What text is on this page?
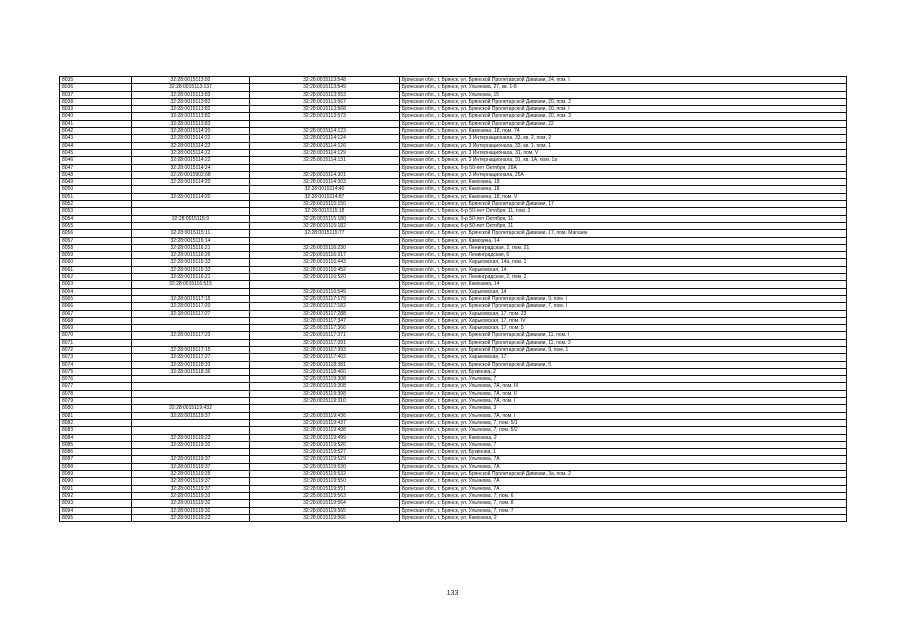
8035	32:28:0015113:92	32:28:0015113:548	Брянская обл., г. Брянск, ул. Брянской Пролетарской Дивизии, 24, пом. I
8036	32:28:0015113:137	32:28:0015113:549	Брянская обл., г. Брянск, ул. Ульянова, 27, кв. 1-8
8037	32:28:0015113:83	32:28:0015113:553	Брянская обл., г. Брянск, ул. Ульянова, 15
8038	32:28:0015113:82	32:28:0015113:567	Брянская обл., г. Брянск, ул. Брянской Пролетарской Дивизии, 20, пом. 2
8039	32:28:0015113:82	32:28:0015113:568	Брянская обл., г. Брянск, ул. Брянской Пролетарской Дивизии, 20, пом. I
8040	32:28:0015113:82	32:28:0015113:573	Брянская обл., г. Брянск, ул. Брянской Пролетарской Дивизии, 20, пом. 3
8041	32:28:0015113:83		Брянская обл., г. Брянск, ул. Брянской Пролетарской Дивизии, 22
8042	32:28:0015114:20	32:28:0015114:123	Брянская обл., г. Брянск, ул. Камозина, 18, пом. 74
8043	32:28:0015114:22	32:28:0015114:124	Брянская обл., г. Брянск, ул. 3 Интернационала, 33, кв. 2, пом. 2
8044	32:28:0015114:22	32:28:0015114:126	Брянская обл., г. Брянск, ул. 3 Интернационала, 33, кв. 1, пом. 1
8045	32:28:0015114:22	32:28:0015114:129	Брянская обл., г. Брянск, ул. 3 Интернационала, 31, пом. V
8046	32:28:0015114:22	32:28:0015114:131	Брянская обл., г. Брянск, ул. 3 Интернационала, 31, кв. 1А, пом. 1а
8047	32:28:0015114:24		Брянская обл., г. Брянск, б-р 50-лет Октября, 28А
8048	32:28:0015902:68	32:28:0015114:301	Брянская обл., г. Брянск, ул. 3 Интернационала, 25А
8049	32:28:0015114:20	32:28:0015114:303	Брянская обл., г. Брянск, ул. Камозина, 18
8050		32:28:0015114:40	Брянская обл., г. Брянск, ул. Камозина, 18
8051	32:28:0015114:20	32:28:0015114:87	Брянская обл., г. Брянск, ул. Камозина, 18, пом. V
8052		32:28:0015115:150	Брянская обл., г. Брянск, ул. Брянской Пролетарской Дивизии, 17
8053		32:28:0015115:18	Брянская обл., г. Брянск, б-р 50-лет Октября, 11, пом. 2
8054	32:28:0015115:9	32:28:0015115:180	Брянская обл., г. Брянск, б-р 50-лет Октября, 11
8055		32:28:0015115:182	Брянская обл., г. Брянск, б-р 50-лет Октября, 11
8056	32:28:0015115:11	32:28:0015115:77	Брянская обл., г. Брянск, ул. Брянской Пролетарской Дивизии, 17, пом. Магазин
8057	32:28:0015116:14		Брянская обл., г. Брянск, ул. Камозина, 14
8058	32:28:0015116:21	32:28:0015116:230	Брянская обл., г. Брянск, ул. Ленинградская, 2, пом. 21
8059	32:28:0015116:26	32:28:0015116:317	Брянская обл., г. Брянск, ул. Ленинградская, 6
8060	32:28:0015116:33	32:28:0015116:443	Брянская обл., г. Брянск, ул. Харьковская, 14а, пом. 1
8061	32:28:0015116:33	32:28:0015116:452	Брянская обл., г. Брянск, ул. Харьковская, 14
8062	32:28:0015116:21	32:28:0015116:520	Брянская обл., г. Брянск, ул. Ленинградская, 2, пом. 2
8063	32:28:0015116:515		Брянская обл., г. Брянск, ул. Камозина, 14
8064		32:28:0015116:549	Брянская обл., г. Брянск, ул. Харьковская, 14
8065	32:28:0015117:15	32:28:0015117:179	Брянская обл., г. Брянск, ул. Брянской Пролетарской Дивизии, 9, пом. I
8066	32:28:0015117:20	32:28:0015117:182	Брянская обл., г. Брянск, ул. Брянской Пролетарской Дивизии, 7, пом. I
8067	32:28:0015117:27	32:28:0015117:288	Брянская обл., г. Брянск, ул. Харьковская, 17, пом. 23
8068		32:28:0015117:347	Брянская обл., г. Брянск, ул. Харьковская, 17, пом. IV
8069		32:28:0015117:366	Брянская обл., г. Брянск, ул. Харьковская, 17, пом. 5
8070	32:28:0015117:23	32:28:0015117:371	Брянская обл., г. Брянск, ул. Брянской Пролетарской Дивизии, 11, пом. I
8071		32:28:0015117:391	Брянская обл., г. Брянск, ул. Брянской Пролетарской Дивизии, 11, пом. 3
8072	32:28:0015117:15	32:28:0015117:393	Брянская обл., г. Брянск, ул. Брянской Пролетарской Дивизии, 9, пом. 1
8073	32:28:0015117:27	32:28:0015117:402	Брянская обл., г. Брянск, ул. Харьковская, 17
8074	32:28:0015118:33	32:28:0015118:381	Брянская обл., г. Брянск, ул. Брянской Пролетарской Дивизии, 5
8075	32:28:0015118:36	32:28:0015118:460	Брянская обл., г. Брянск, ул. Бузинова, 2
8076		32:28:0015119:308	Брянская обл., г. Брянск, ул. Ульянова, 7
8077		32:28:0015119:308	Брянская обл., г. Брянск, ул. Ульянова, 7А, пом. III
8078		32:28:0015119:308	Брянская обл., г. Брянск, ул. Ульянова, 7А, пом. II
8079		32:28:0015119:310	Брянская обл., г. Брянск, ул. Ульянова, 7А, пом. I
8080	32:28:0015119:432		Брянская обл., г. Брянск, ул. Ульянова, 3
8081	32:28:0015119:37	32:28:0015119:436	Брянская обл., г. Брянск, ул. Ульянова, 7А, пом. I
8082		32:28:0015119:437	Брянская обл., г. Брянск, ул. Ульянова, 7, пом. 5/1
8083		32:28:0015119:498	Брянская обл., г. Брянск, ул. Ульянова, 7, пом. 5/2
8084	32:28:0015119:23	32:28:0015119:499	Брянская обл., г. Брянск, ул. Камозина, 2
8085	32:28:0015119:32	32:28:0015119:526	Брянская обл., г. Брянск, ул. Ульянова, 7
8086		32:28:0015119:527	Брянская обл., г. Брянск, ул. Бузинова, 1
8087	32:28:0015119:37	32:28:0015119:529	Брянская обл., г. Брянск, ул. Ульянова, 7А
8088	32:28:0015119:37	32:28:0015119:530	Брянская обл., г. Брянск, ул. Ульянова, 7А
8089	32:28:0015119:25	32:28:0015119:532	Брянская обл., г. Брянск, ул. Брянской Пролетарской Дивизии, 3а, пом. 2
8090	32:28:0015119:37	32:28:0015119:550	Брянская обл., г. Брянск, ул. Ульянова, 7А
8091	32:28:0015119:37	32:28:0015119:551	Брянская обл., г. Брянск, ул. Ульянова, 7А
8092	32:28:0015119:32	32:28:0015119:563	Брянская обл., г. Брянск, ул. Ульянова, 7, пом. 6
8093	32:28:0015119:32	32:28:0015119:564	Брянская обл., г. Брянск, ул. Ульянова, 7, пом. 8
8094	32:28:0015119:32	32:28:0015119:565	Брянская обл., г. Брянск, ул. Ульянова, 7, пом. 7
8095	32:28:0015119:23	32:28:0015119:566	Брянская обл., г. Брянск, ул. Камозина, 2
133
